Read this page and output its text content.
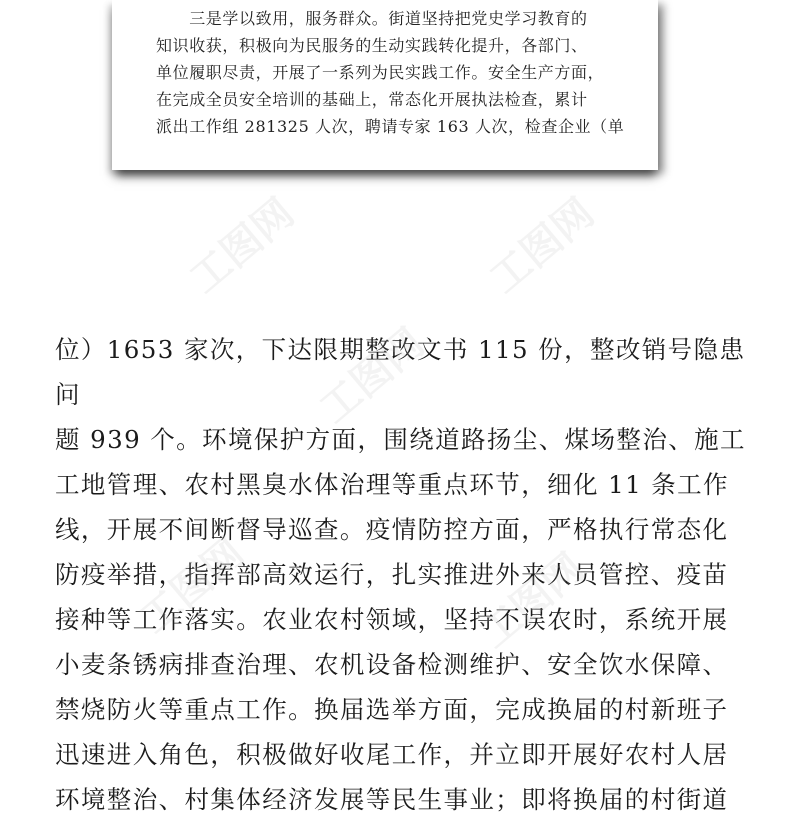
　　三是学以致用，服务群众。街道坚持把党史学习教育的
知识收获，积极向为民服务的生动实践转化提升，各部门、
单位履职尽责，开展了一系列为民实践工作。安全生产方面，
在完成全员安全培训的基础上，常态化开展执法检查，累计
派出工作组 281325 人次，聘请专家 163 人次，检查企业（单

位）1653 家次，下达限期整改文书 115 份，整改销号隐患问
题 939 个。环境保护方面，围绕道路扬尘、煤场整治、施工
工地管理、农村黑臭水体治理等重点环节，细化 11 条工作
线，开展不间断督导巡查。疫情防控方面，严格执行常态化
防疫举措，指挥部高效运行，扎实推进外来人员管控、疫苗
接种等工作落实。农业农村领域，坚持不误农时，系统开展
小麦条锈病排查治理、农机设备检测维护、安全饮水保障、
禁烧防火等重点工作。换届选举方面，完成换届的村新班子
迅速进入角色，积极做好收尾工作，并立即开展好农村人居
环境整治、村集体经济发展等民生事业；即将换届的村街道

工图网	工图网
工图网
工图网	工图网
